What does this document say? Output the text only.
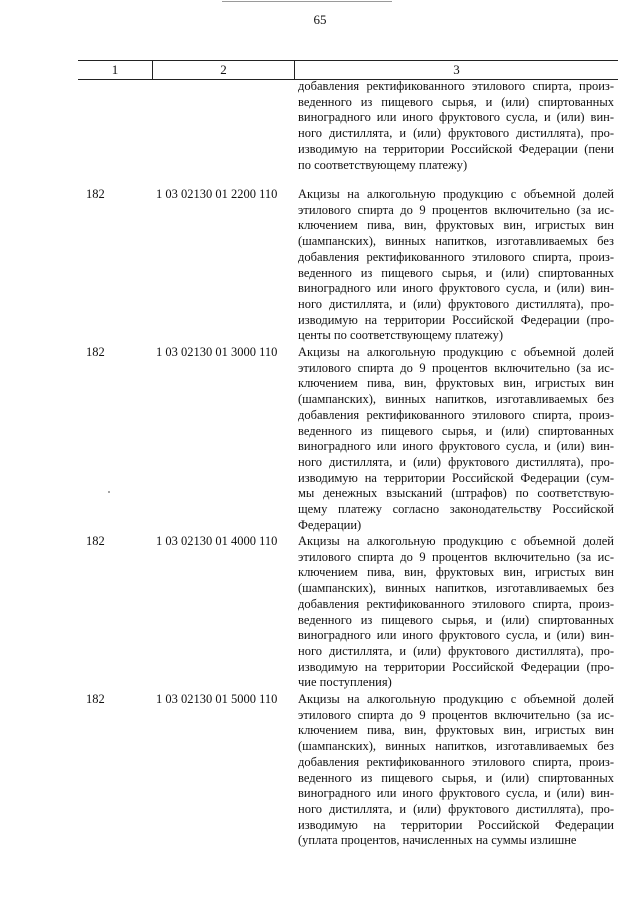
65
1	2	3
добавления ректификованного этилового спирта, произ-
веденного из пищевого сырья, и (или) спиртованных
виноградного или иного фруктового сусла, и (или) вин-
ного дистиллята, и (или) фруктового дистиллята), про-
изводимую на территории Российской Федерации (пени
по соответствующему платежу)
182	1 03 02130 01 2200 110	Акцизы на алкогольную продукцию с объемной долей
этилового спирта до 9 процентов включительно (за ис-
ключением пива, вин, фруктовых вин, игристых вин
(шампанских), винных напитков, изготавливаемых без
добавления ректификованного этилового спирта, произ-
веденного из пищевого сырья, и (или) спиртованных
виноградного или иного фруктового сусла, и (или) вин-
ного дистиллята, и (или) фруктового дистиллята), про-
изводимую на территории Российской Федерации (про-
центы по соответствующему платежу)
182	1 03 02130 01 3000 110	Акцизы на алкогольную продукцию с объемной долей
этилового спирта до 9 процентов включительно (за ис-
ключением пива, вин, фруктовых вин, игристых вин
(шампанских), винных напитков, изготавливаемых без
добавления ректификованного этилового спирта, произ-
веденного из пищевого сырья, и (или) спиртованных
виноградного или иного фруктового сусла, и (или) вин-
ного дистиллята, и (или) фруктового дистиллята), про-
изводимую на территории Российской Федерации (сум-
мы денежных взысканий (штрафов) по соответствую-
щему платежу согласно законодательству Российской
Федерации)
182	1 03 02130 01 4000 110	Акцизы на алкогольную продукцию с объемной долей
этилового спирта до 9 процентов включительно (за ис-
ключением пива, вин, фруктовых вин, игристых вин
(шампанских), винных напитков, изготавливаемых без
добавления ректификованного этилового спирта, произ-
веденного из пищевого сырья, и (или) спиртованных
виноградного или иного фруктового сусла, и (или) вин-
ного дистиллята, и (или) фруктового дистиллята), про-
изводимую на территории Российской Федерации (про-
чие поступления)
182	1 03 02130 01 5000 110	Акцизы на алкогольную продукцию с объемной долей
этилового спирта до 9 процентов включительно (за ис-
ключением пива, вин, фруктовых вин, игристых вин
(шампанских), винных напитков, изготавливаемых без
добавления ректификованного этилового спирта, произ-
веденного из пищевого сырья, и (или) спиртованных
виноградного или иного фруктового сусла, и (или) вин-
ного дистиллята, и (или) фруктового дистиллята), про-
изводимую на территории Российской Федерации
(уплата процентов, начисленных на суммы излишне
